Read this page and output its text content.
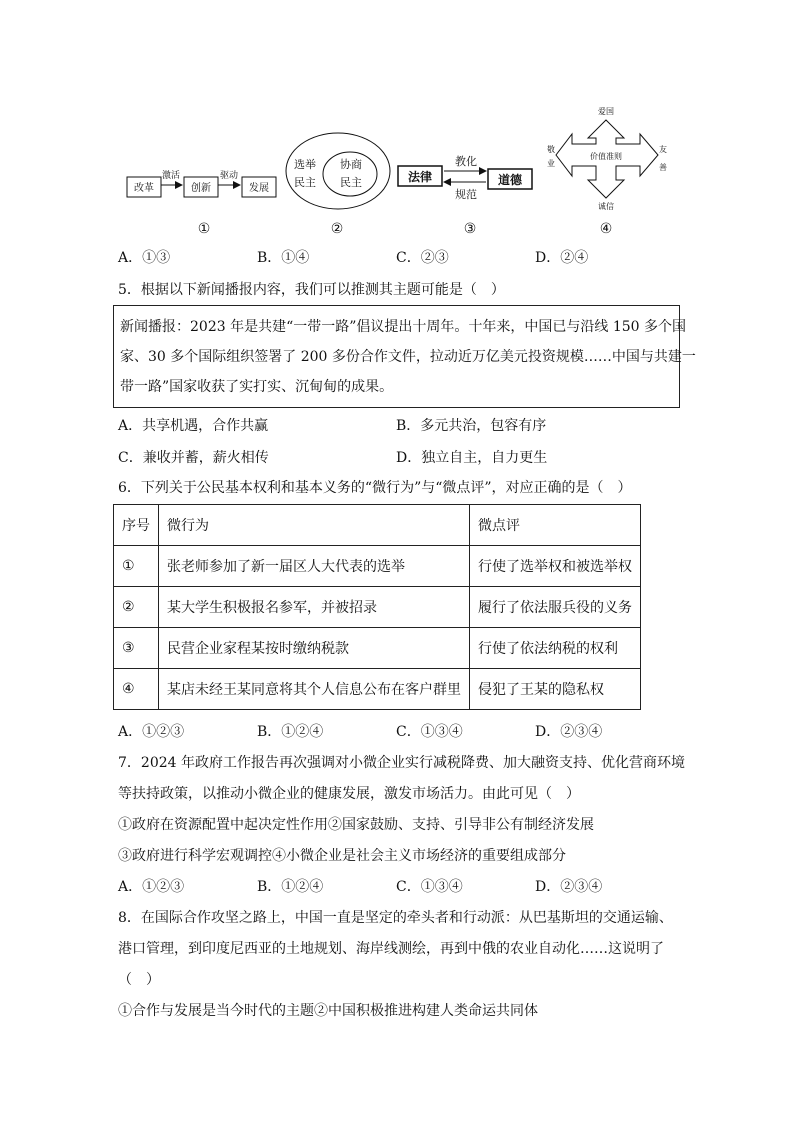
改革
激活
创新
驱动
发展
选举
民主
协商
民主	法律
教化
规范
道德
价值准则
爱国
诚信
敬
业
友
善
①	②	③	④
A．①③	B．①④	C．②③	D．②④
5．根据以下新闻播报内容，我们可以推测其主题可能是（　）
新闻播报：2023 年是共建“一带一路”倡议提出十周年。十年来，中国已与沿线 150 多个国
家、30 多个国际组织签署了 200 多份合作文件，拉动近万亿美元投资规模……中国与共建一
带一路”国家收获了实打实、沉甸甸的成果。
A．共享机遇，合作共赢	B．多元共治，包容有序
C．兼收并蓄，薪火相传	D．独立自主，自力更生
6．下列关于公民基本权利和基本义务的“微行为”与“微点评”，对应正确的是（　）
序号	微行为	微点评
①	张老师参加了新一届区人大代表的选举	行使了选举权和被选举权
②	某大学生积极报名参军，并被招录	履行了依法服兵役的义务
③	民营企业家程某按时缴纳税款	行使了依法纳税的权利
④	某店未经王某同意将其个人信息公布在客户群里	侵犯了王某的隐私权
A．①②③	B．①②④	C．①③④	D．②③④
7．2024 年政府工作报告再次强调对小微企业实行减税降费、加大融资支持、优化营商环境
等扶持政策，以推动小微企业的健康发展，激发市场活力。由此可见（　）
①政府在资源配置中起决定性作用②国家鼓励、支持、引导非公有制经济发展
③政府进行科学宏观调控④小微企业是社会主义市场经济的重要组成部分
A．①②③	B．①②④	C．①③④	D．②③④
8．在国际合作攻坚之路上，中国一直是坚定的牵头者和行动派：从巴基斯坦的交通运输、
港口管理，到印度尼西亚的土地规划、海岸线测绘，再到中俄的农业自动化……这说明了
（　）
①合作与发展是当今时代的主题②中国积极推进构建人类命运共同体
